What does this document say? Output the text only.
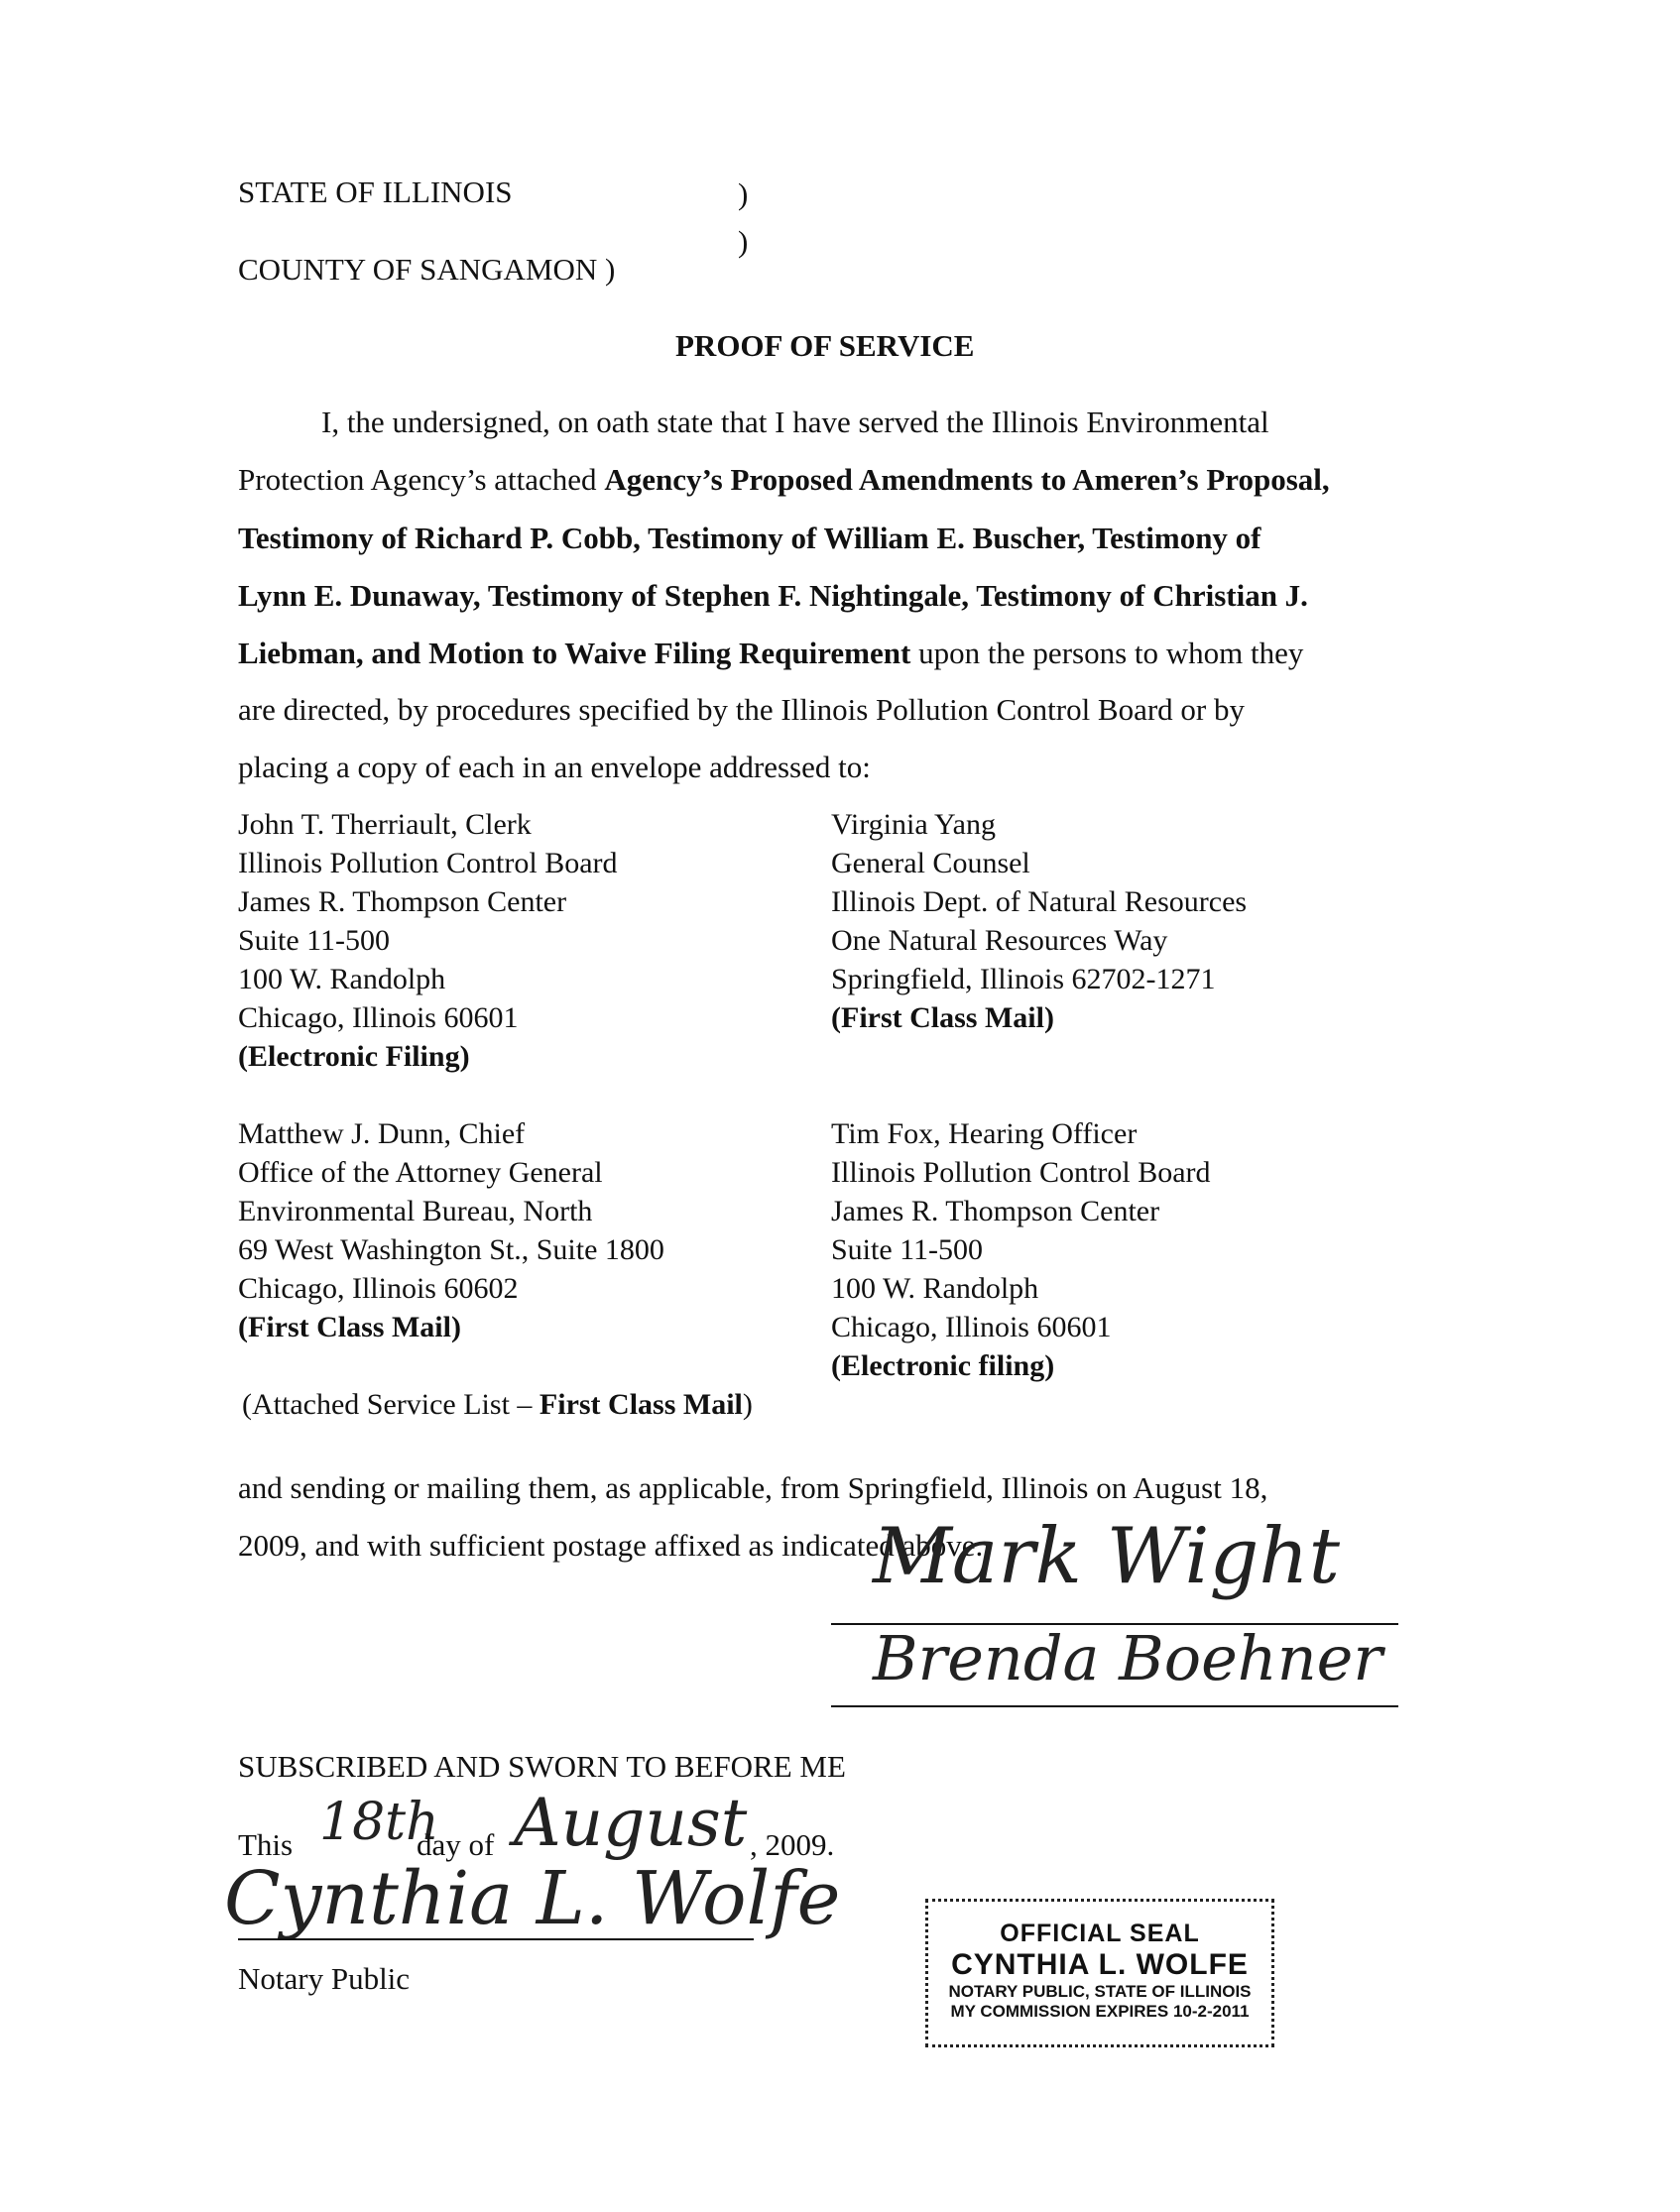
STATE OF ILLINOIS	)
)
COUNTY OF SANGAMON )
PROOF OF SERVICE
I, the undersigned, on oath state that I have served the Illinois Environmental
Protection Agency’s attached Agency’s Proposed Amendments to Ameren’s Proposal,
Testimony of Richard P. Cobb, Testimony of William E. Buscher, Testimony of
Lynn E. Dunaway, Testimony of Stephen F. Nightingale, Testimony of Christian J.
Liebman, and Motion to Waive Filing Requirement upon the persons to whom they
are directed, by procedures specified by the Illinois Pollution Control Board or by
placing a copy of each in an envelope addressed to:
John T. Therriault, Clerk
Illinois Pollution Control Board
James R. Thompson Center
Suite 11-500
100 W. Randolph
Chicago, Illinois 60601
(Electronic Filing)
Virginia Yang
General Counsel
Illinois Dept. of Natural Resources
One Natural Resources Way
Springfield, Illinois 62702-1271
(First Class Mail)
Matthew J. Dunn, Chief
Office of the Attorney General
Environmental Bureau, North
69 West Washington St., Suite 1800
Chicago, Illinois 60602
(First Class Mail)
Tim Fox, Hearing Officer
Illinois Pollution Control Board
James R. Thompson Center
Suite 11-500
100 W. Randolph
Chicago, Illinois 60601
(Electronic filing)
(Attached Service List – First Class Mail)
and sending or mailing them, as applicable, from Springfield, Illinois on August 18,
2009, and with sufficient postage affixed as indicated above.
Mark Wight
Brenda Boehner
SUBSCRIBED AND SWORN TO BEFORE ME
This 18th
day of August , 2009.
Cynthia L. Wolfe
Notary Public
OFFICIAL SEAL
CYNTHIA L. WOLFE
NOTARY PUBLIC, STATE OF ILLINOIS
MY COMMISSION EXPIRES 10-2-2011
